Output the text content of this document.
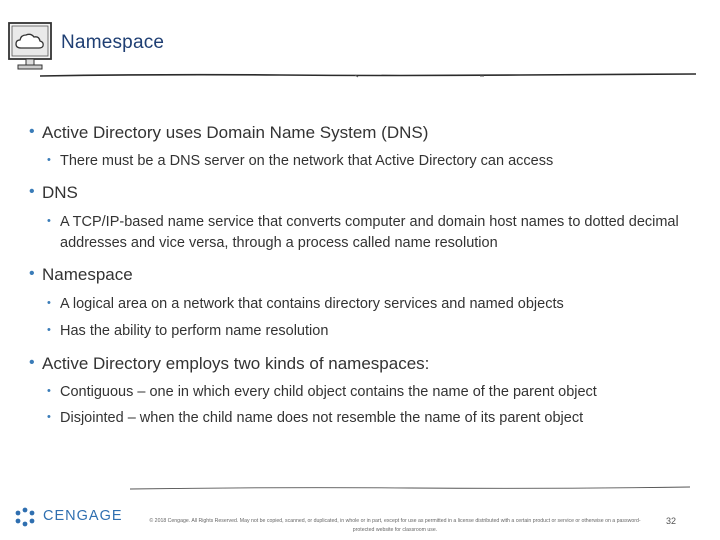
Namespace
• Active Directory uses Domain Name System (DNS)
• There must be a DNS server on the network that Active Directory can access
• DNS
• A TCP/IP-based name service that converts computer and domain host names to dotted decimal addresses and vice versa, through a process called name resolution
• Namespace
• A logical area on a network that contains directory services and named objects
• Has the ability to perform name resolution
• Active Directory employs two kinds of namespaces:
• Contiguous – one in which every child object contains the name of the parent object
• Disjointed – when the child name does not resemble the name of its parent object
CENGAGE	© 2018 Cengage. All Rights Reserved. May not be copied, scanned, or duplicated, in whole or in part, except for use as permitted in a license distributed with a certain product or service or otherwise on a password-protected website for classroom use.
32
